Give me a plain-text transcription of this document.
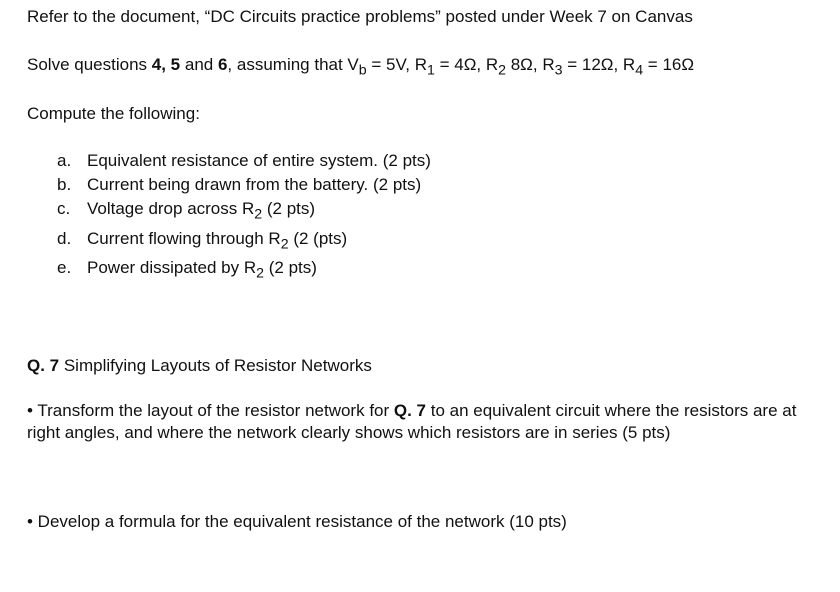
Refer to the document, “DC Circuits practice problems” posted under Week 7 on Canvas

Solve questions 4, 5 and 6, assuming that $V_b = 5V$, $R_1 = 4\Omega$, $R_2$ 8Ω, $R_3 = 12\Omega$, $R_4 = 16\Omega$

Compute the following:

a. Equivalent resistance of entire system. (2 pts)
b. Current being drawn from the battery. (2 pts)
c. Voltage drop across $R_2$ (2 pts)
d. Current flowing through $R_2$ (2 (pts)
e. Power dissipated by $R_2$ (2 pts)

Q. 7 Simplifying Layouts of Resistor Networks

• Transform the layout of the resistor network for Q. 7 to an equivalent circuit where the resistors are at right angles, and where the network clearly shows which resistors are in series (5 pts)

• Develop a formula for the equivalent resistance of the network (10 pts)
